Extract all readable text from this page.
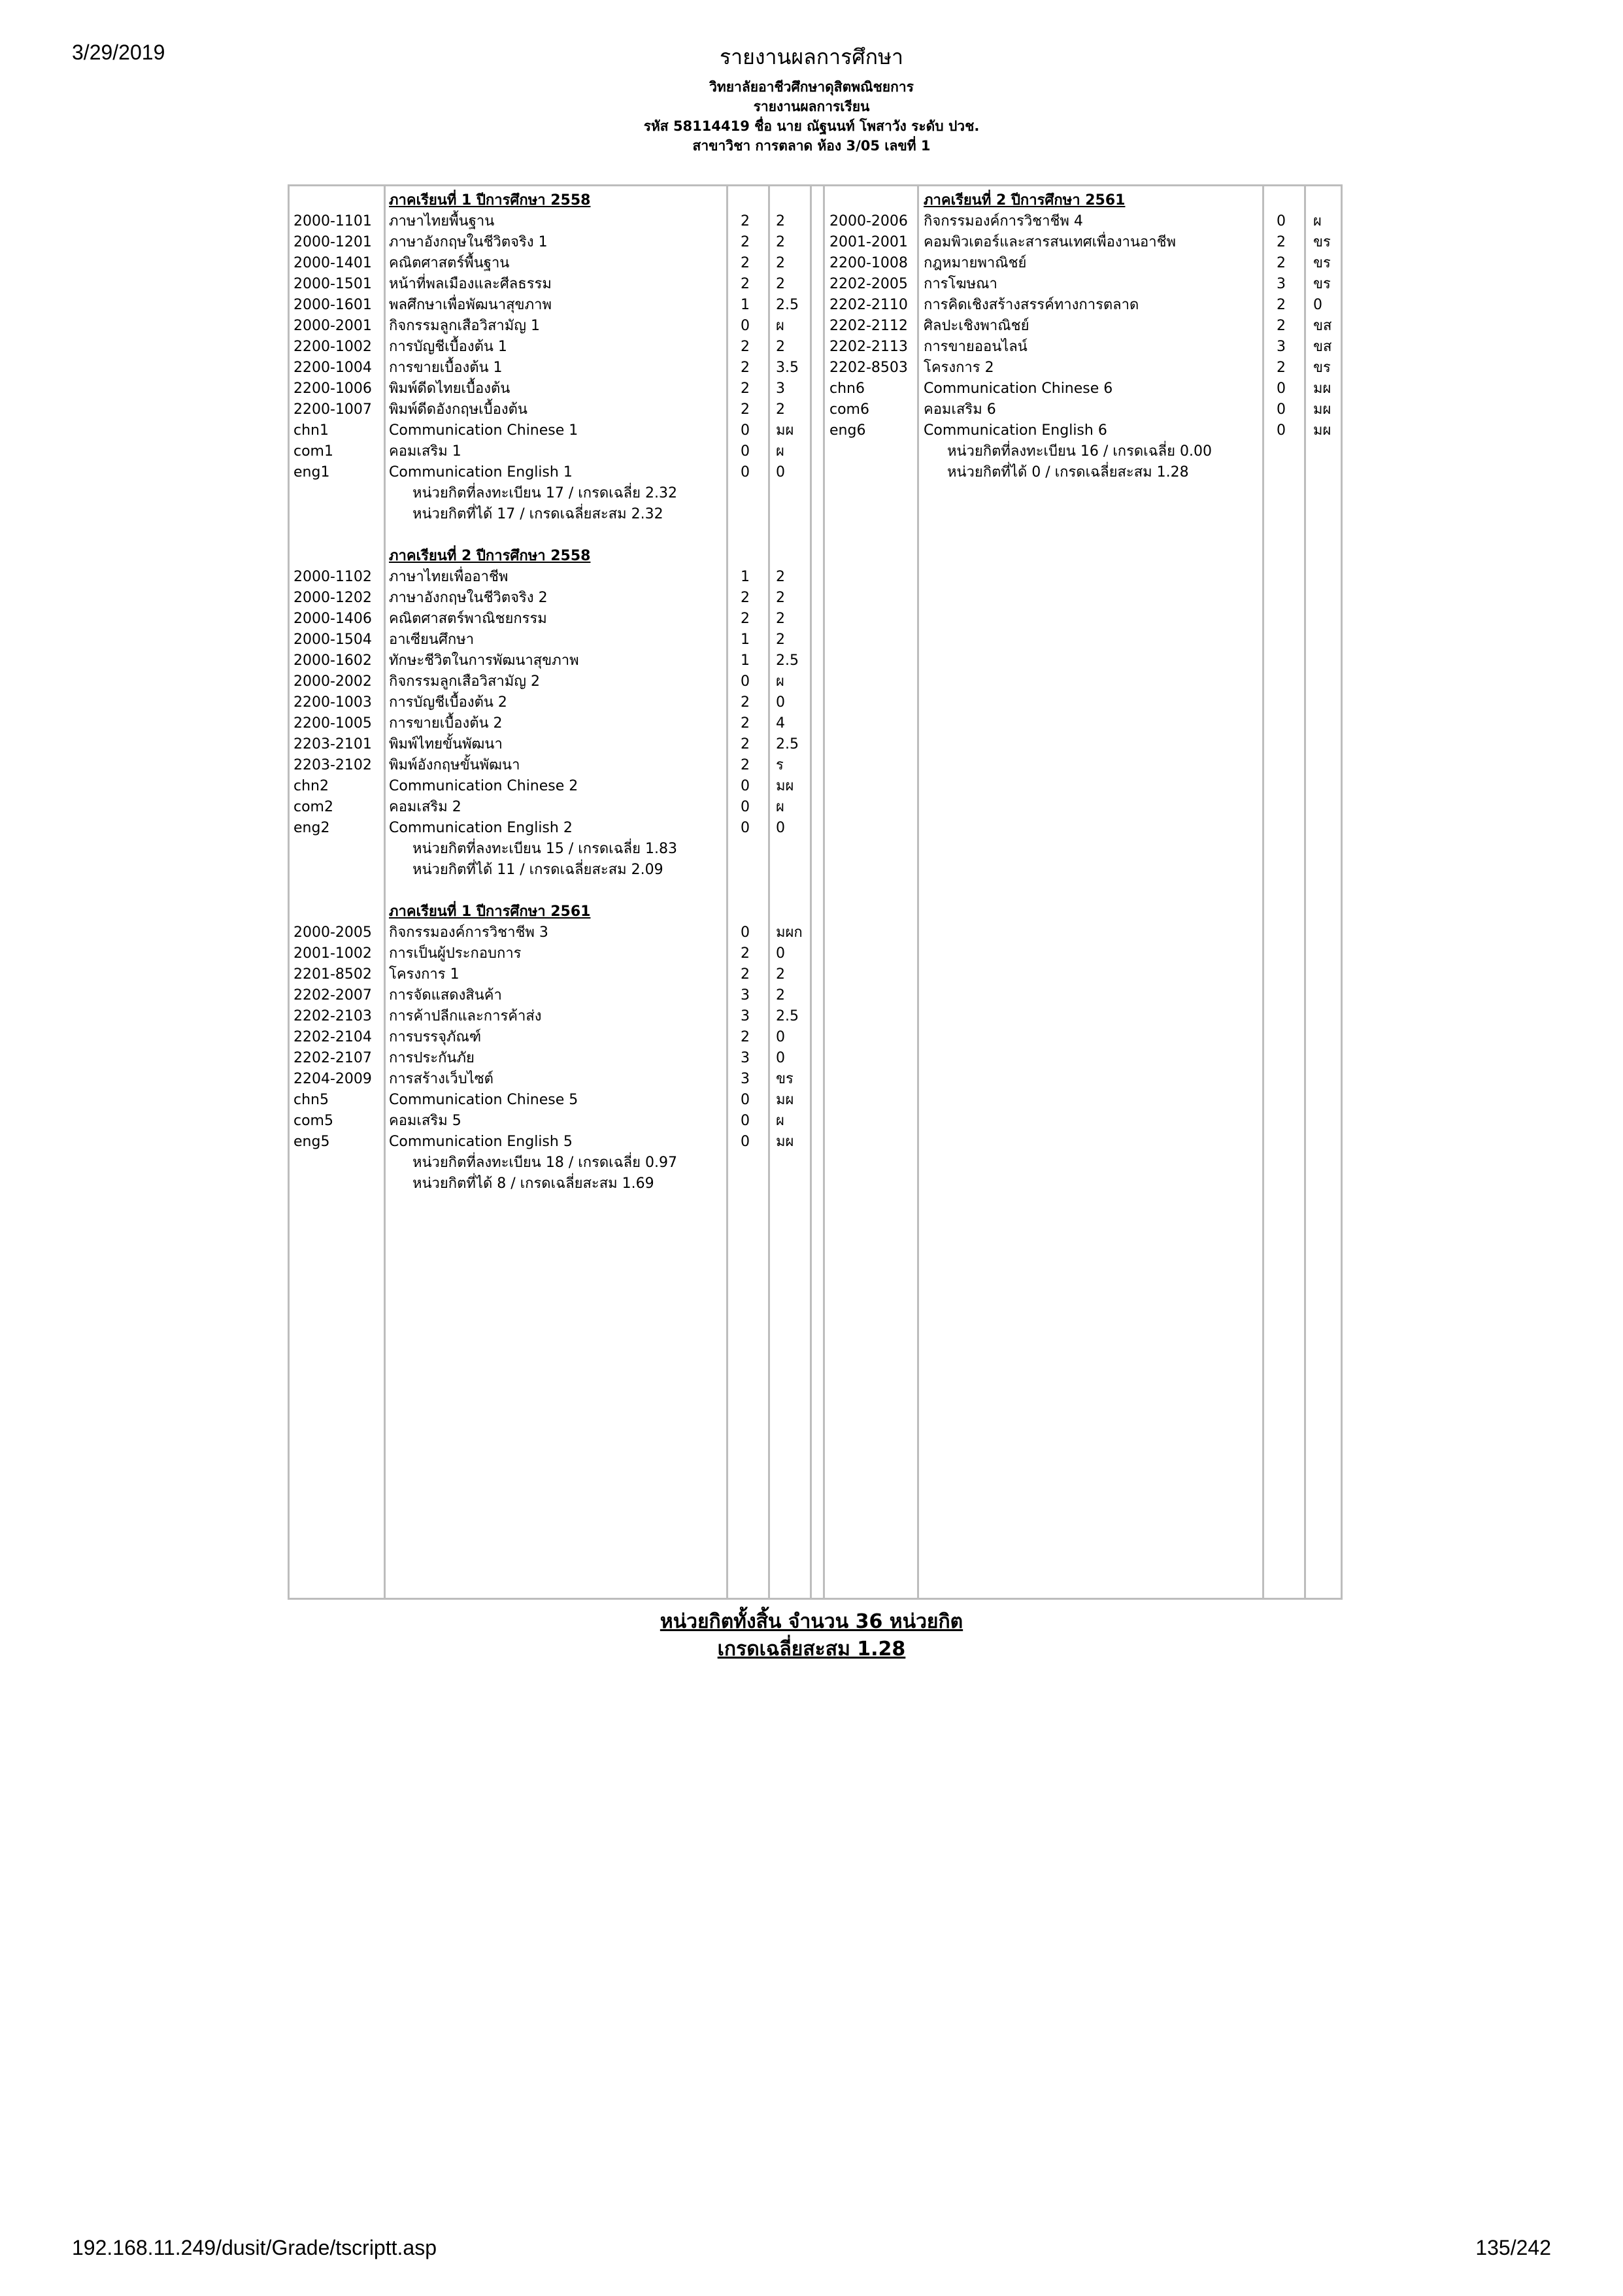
3/29/2019	รายงานผลการศึกษา
192.168.11.249/dusit/Grade/tscriptt.asp	135/242
วิทยาลัยอาชีวศึกษาดุสิตพณิชยการ
รายงานผลการเรียน
รหัส 58114419 ชื่อ นาย ณัฐนนท์ โพสาวัง ระดับ ปวช.
สาขาวิชา การตลาด ห้อง 3/05 เลขที่ 1
ภาคเรียนที่ 1 ปีการศึกษา 2558
2000-1101 ภาษาไทยพื้นฐาน	2 2
2000-1201 ภาษาอังกฤษในชีวิตจริง 1	2 2
2000-1401 คณิตศาสตร์พื้นฐาน	2 2
2000-1501 หน้าที่พลเมืองและศีลธรรม	2 2
2000-1601 พลศึกษาเพื่อพัฒนาสุขภาพ	1 2.5
2000-2001 กิจกรรมลูกเสือวิสามัญ 1	0 ผ
2200-1002 การบัญชีเบื้องต้น 1	2 2
2200-1004 การขายเบื้องต้น 1	2 3.5
2200-1006 พิมพ์ดีดไทยเบื้องต้น	2 3
2200-1007 พิมพ์ดีดอังกฤษเบื้องต้น	2 2
chn1	Communication Chinese 1	0 มผ
com1	คอมเสริม 1	0 ผ
eng1	Communication English 1	0 0
หน่วยกิตที่ลงทะเบียน 17 / เกรดเฉลี่ย 2.32
หน่วยกิตที่ได้ 17 / เกรดเฉลี่ยสะสม 2.32
ภาคเรียนที่ 2 ปีการศึกษา 2558
2000-1102 ภาษาไทยเพื่ออาชีพ	1 2
2000-1202 ภาษาอังกฤษในชีวิตจริง 2	2 2
2000-1406 คณิตศาสตร์พาณิชยกรรม	2 2
2000-1504 อาเซียนศึกษา	1 2
2000-1602 ทักษะชีวิตในการพัฒนาสุขภาพ	1 2.5
2000-2002 กิจกรรมลูกเสือวิสามัญ 2	0 ผ
2200-1003 การบัญชีเบื้องต้น 2	2 0
2200-1005 การขายเบื้องต้น 2	2 4
2203-2101 พิมพ์ไทยขั้นพัฒนา	2 2.5
2203-2102 พิมพ์อังกฤษขั้นพัฒนา	2 ร
chn2	Communication Chinese 2	0 มผ
com2	คอมเสริม 2	0 ผ
eng2	Communication English 2	0 0
หน่วยกิตที่ลงทะเบียน 15 / เกรดเฉลี่ย 1.83
หน่วยกิตที่ได้ 11 / เกรดเฉลี่ยสะสม 2.09
ภาคเรียนที่ 1 ปีการศึกษา 2561
2000-2005 กิจกรรมองค์การวิชาชีพ 3	0 มผก
2001-1002 การเป็นผู้ประกอบการ	2 0
2201-8502 โครงการ 1	2 2
2202-2007 การจัดแสดงสินค้า	3 2
2202-2103 การค้าปลีกและการค้าส่ง	3 2.5
2202-2104 การบรรจุภัณฑ์	2 0
2202-2107 การประกันภัย	3 0
2204-2009 การสร้างเว็บไซต์	3 ขร
chn5	Communication Chinese 5	0 มผ
com5	คอมเสริม 5	0 ผ
eng5	Communication English 5	0 มผ
หน่วยกิตที่ลงทะเบียน 18 / เกรดเฉลี่ย 0.97
หน่วยกิตที่ได้ 8 / เกรดเฉลี่ยสะสม 1.69
ภาคเรียนที่ 2 ปีการศึกษา 2561
2000-2006 กิจกรรมองค์การวิชาชีพ 4	0 ผ
2001-2001 คอมพิวเตอร์และสารสนเทศเพื่องานอาชีพ	2 ขร
2200-1008 กฎหมายพาณิชย์	2 ขร
2202-2005 การโฆษณา	3 ขร
2202-2110 การคิดเชิงสร้างสรรค์ทางการตลาด	2 0
2202-2112 ศิลปะเชิงพาณิชย์	2 ขส
2202-2113 การขายออนไลน์	3 ขส
2202-8503 โครงการ 2	2 ขร
chn6	Communication Chinese 6	0 มผ
com6	คอมเสริม 6	0 มผ
eng6	Communication English 6	0 มผ
หน่วยกิตที่ลงทะเบียน 16 / เกรดเฉลี่ย 0.00
หน่วยกิตที่ได้ 0 / เกรดเฉลี่ยสะสม 1.28
หน่วยกิตทั้งสิ้น จำนวน 36 หน่วยกิต
เกรดเฉลี่ยสะสม 1.28
